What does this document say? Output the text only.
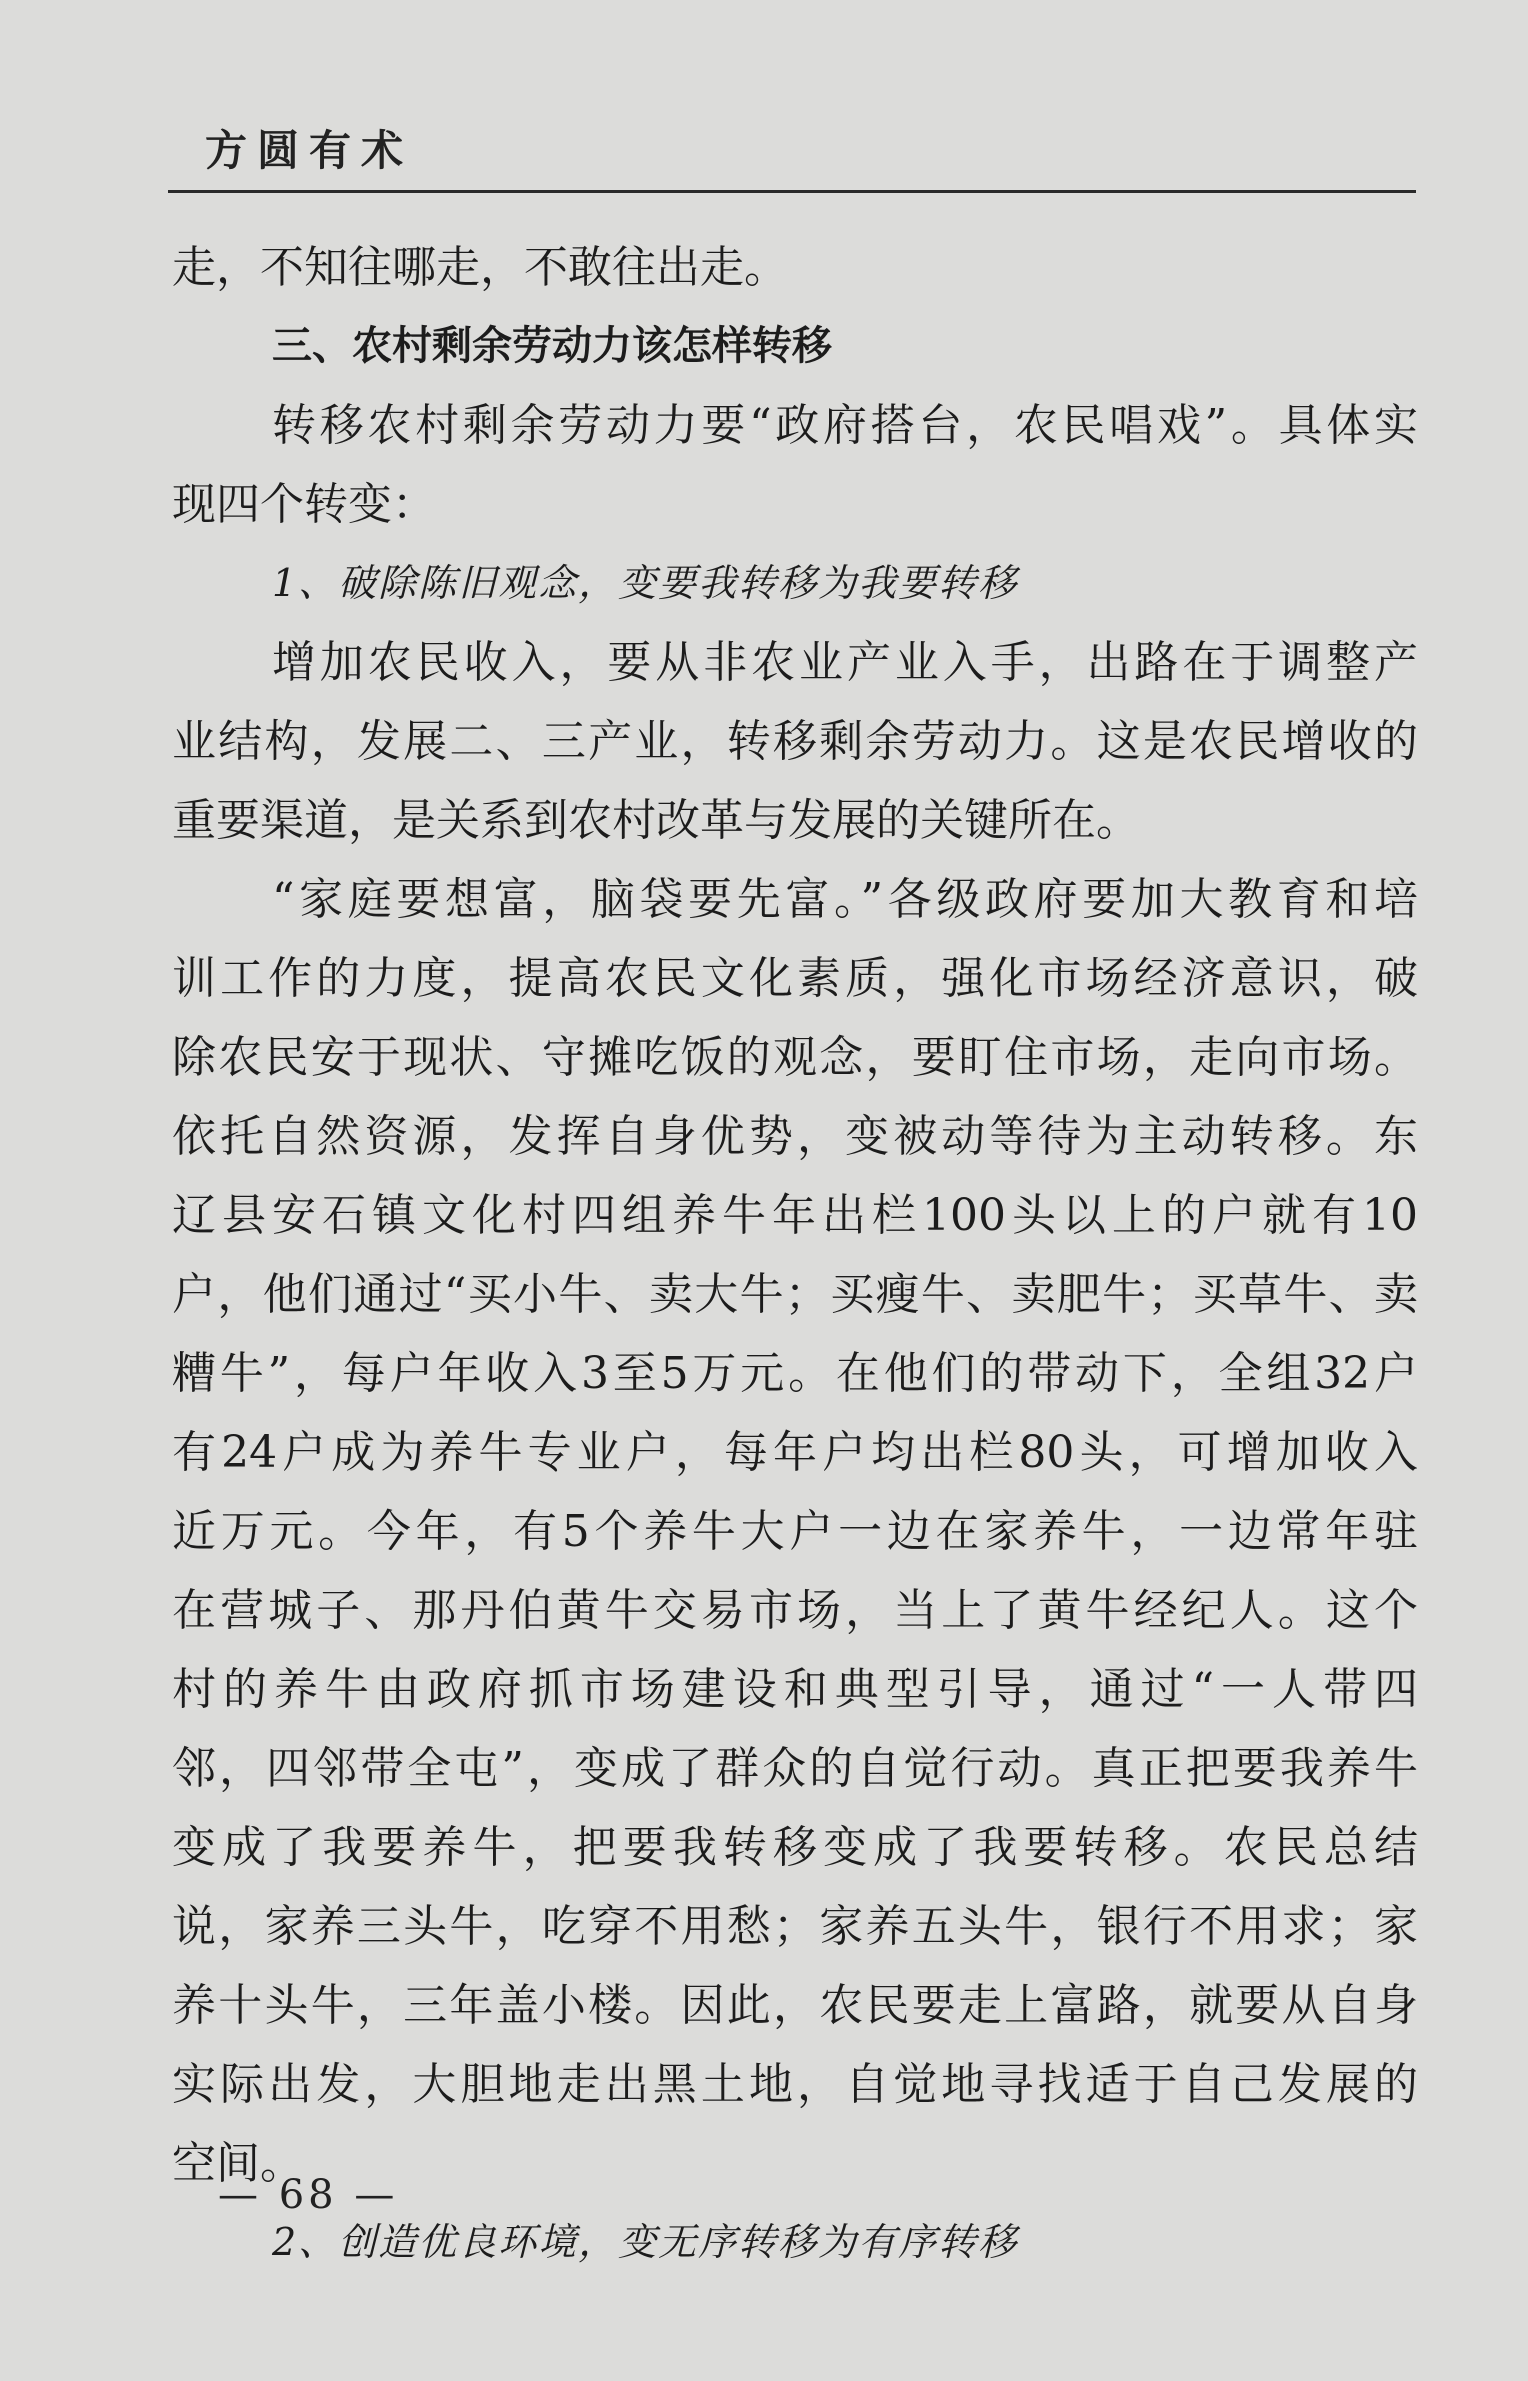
方圆有术
走，不知往哪走，不敢往出走。
三、农村剩余劳动力该怎样转移
转移农村剩余劳动力要“政府搭台，农民唱戏”。具体实
现四个转变：
1、破除陈旧观念，变要我转移为我要转移
增加农民收入，要从非农业产业入手，出路在于调整产
业结构，发展二、三产业，转移剩余劳动力。这是农民增收的
重要渠道，是关系到农村改革与发展的关键所在。
“家庭要想富，脑袋要先富。”各级政府要加大教育和培
训工作的力度，提高农民文化素质，强化市场经济意识，破
除农民安于现状、守摊吃饭的观念，要盯住市场，走向市场。
依托自然资源，发挥自身优势，变被动等待为主动转移。东
辽县安石镇文化村四组养牛年出栏100头以上的户就有10
户，他们通过“买小牛、卖大牛；买瘦牛、卖肥牛；买草牛、卖
糟牛”，每户年收入3至5万元。在他们的带动下，全组32户
有24户成为养牛专业户，每年户均出栏80头，可增加收入
近万元。今年，有5个养牛大户一边在家养牛，一边常年驻
在营城子、那丹伯黄牛交易市场，当上了黄牛经纪人。这个
村的养牛由政府抓市场建设和典型引导，通过“一人带四
邻，四邻带全屯”，变成了群众的自觉行动。真正把要我养牛
变成了我要养牛，把要我转移变成了我要转移。农民总结
说，家养三头牛，吃穿不用愁；家养五头牛，银行不用求；家
养十头牛，三年盖小楼。因此，农民要走上富路，就要从自身
实际出发，大胆地走出黑土地，自觉地寻找适于自己发展的
空间。
2、创造优良环境，变无序转移为有序转移
— 68 —
